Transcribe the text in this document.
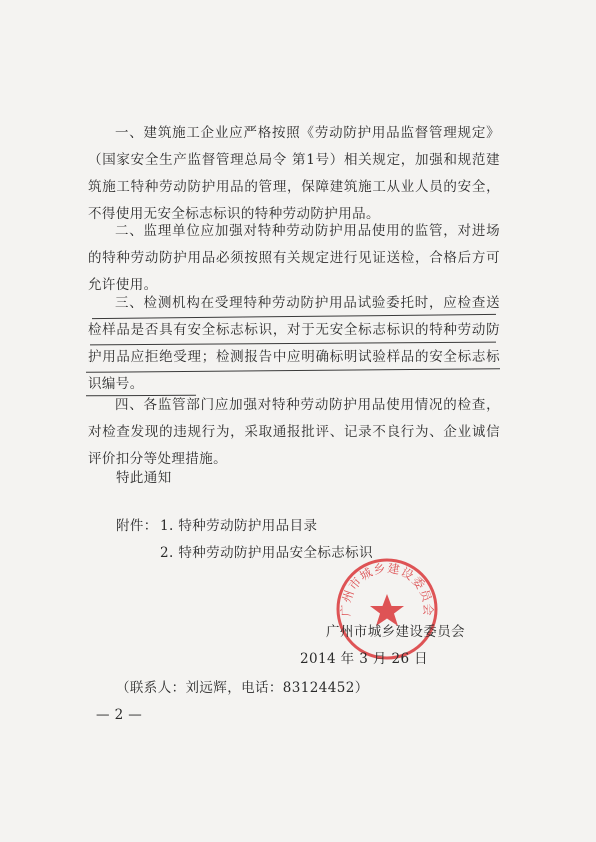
一、建筑施工企业应严格按照《劳动防护用品监督管理规定》（国家安全生产监督管理总局令 第1号）相关规定，加强和规范建筑施工特种劳动防护用品的管理，保障建筑施工从业人员的安全，不得使用无安全标志标识的特种劳动防护用品。

二、监理单位应加强对特种劳动防护用品使用的监管，对进场的特种劳动防护用品必须按照有关规定进行见证送检，合格后方可允许使用。

三、检测机构在受理特种劳动防护用品试验委托时，应检查送检样品是否具有安全标志标识，对于无安全标志标识的特种劳动防护用品应拒绝受理；检测报告中应明确标明试验样品的安全标志标识编号。

四、各监管部门应加强对特种劳动防护用品使用情况的检查，对检查发现的违规行为，采取通报批评、记录不良行为、企业诚信评价扣分等处理措施。

特此通知
附件： 1. 特种劳动防护用品目录
2. 特种劳动防护用品安全标志标识
广州市城乡建设委员会
广州市城乡建设委员会
2014 年 3 月 26 日
（联系人：刘远辉，电话：83124452）
— 2 —
